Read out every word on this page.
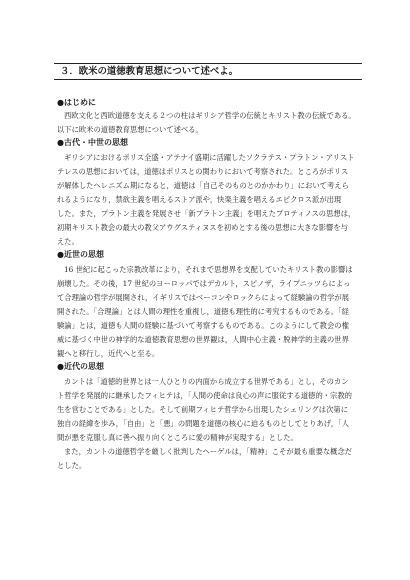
３．欧米の道徳教育思想について述べよ。
●はじめに
西欧文化と西欧道徳を支える２つの柱はギリシア哲学の伝統とキリスト教の伝統である。
以下に欧米の道徳教育思想について述べる。
●古代・中世の思想
ギリシアにおけるポリス全盛・アテナイ盛期に活躍したソクラテス・プラトン・アリスト
テレスの思想においては，道徳はポリスとの関わりにおいて考察された。ところがポリス
が解体したヘレニズム期になると，道徳は「自己そのものとのかかわり」において考えら
れるようになり，禁欲主義を唱えるストア派や，快楽主義を唱えるエピクロス派が出現
した。また，プラトン主義を発展させ「新プラトン主義」を唱えたプロティノスの思想は，
初期キリスト教会の最大の教父アウグスティヌスを初めとする後の思想に大きな影響を与
えた。
●近世の思想
16 世紀に起こった宗教改革により，それまで思想界を支配していたキリスト教の影響は
崩壊した。その後，17 世紀のヨーロッパではデカルト，スピノザ，ライプニッツらによっ
て合理論の哲学が展開され，イギリスではベーコンやロックらによって経験論の哲学が展
開された。「合理論」とは人間の理性を重視し，道徳も理性的に考究するものである。「経
験論」とは，道徳も人間の経験に基づいて考察するものである。このようにして教会の権
威に基づく中世の神学的な道徳教育思想の世界観は，人間中心主義・脱神学的主義の世界
観へと移行し，近代へと至る。
●近代の思想
カントは「道徳的世界とは一人ひとりの内面から成立する世界である」とし，そのカン
ト哲学を発展的に継承したフィヒテは，「人間の使命は良心の声に服従する道徳的・宗教的
生を営むことである」とした。そして前期フィヒテ哲学から出現したシェリングは次第に
独自の経緯を歩み，「自由」と「悪」の問題を道徳の核心に迫るものとしてとりあげ，「人
間が悪を克服し真に善へ振り向くところに愛の精神が実現する」とした。
また，カントの道徳哲学を厳しく批判したヘーゲルは，「精神」こそが最も重要な概念だ
とした。
